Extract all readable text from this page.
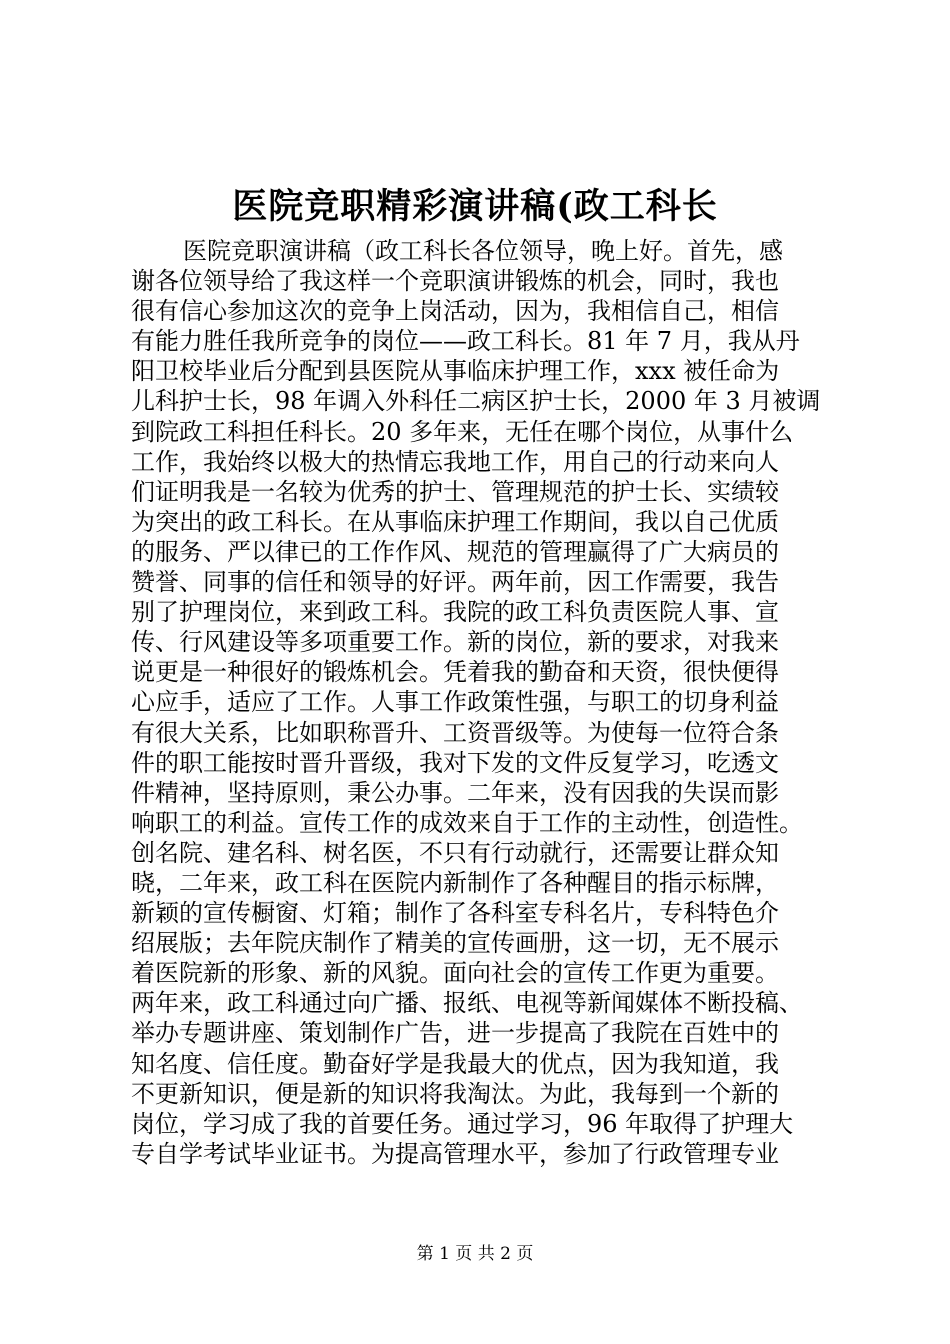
医院竞职精彩演讲稿(政工科长
医院竞职演讲稿（政工科长各位领导，晚上好。首先，感
谢各位领导给了我这样一个竞职演讲锻炼的机会，同时，我也
很有信心参加这次的竞争上岗活动，因为，我相信自己，相信
有能力胜任我所竞争的岗位——政工科长。81 年 7 月，我从丹
阳卫校毕业后分配到县医院从事临床护理工作，xxx 被任命为
儿科护士长，98 年调入外科任二病区护士长，2000 年 3 月被调
到院政工科担任科长。20 多年来，无任在哪个岗位，从事什么
工作，我始终以极大的热情忘我地工作，用自己的行动来向人
们证明我是一名较为优秀的护士、管理规范的护士长、实绩较
为突出的政工科长。在从事临床护理工作期间，我以自己优质
的服务、严以律已的工作作风、规范的管理赢得了广大病员的
赞誉、同事的信任和领导的好评。两年前，因工作需要，我告
别了护理岗位，来到政工科。我院的政工科负责医院人事、宣
传、行风建设等多项重要工作。新的岗位，新的要求，对我来
说更是一种很好的锻炼机会。凭着我的勤奋和天资，很快便得
心应手，适应了工作。人事工作政策性强，与职工的切身利益
有很大关系，比如职称晋升、工资晋级等。为使每一位符合条
件的职工能按时晋升晋级，我对下发的文件反复学习，吃透文
件精神，坚持原则，秉公办事。二年来，没有因我的失误而影
响职工的利益。宣传工作的成效来自于工作的主动性，创造性。
创名院、建名科、树名医，不只有行动就行，还需要让群众知
晓，二年来，政工科在医院内新制作了各种醒目的指示标牌，
新颖的宣传橱窗、灯箱；制作了各科室专科名片，专科特色介
绍展版；去年院庆制作了精美的宣传画册，这一切，无不展示
着医院新的形象、新的风貌。面向社会的宣传工作更为重要。
两年来，政工科通过向广播、报纸、电视等新闻媒体不断投稿、
举办专题讲座、策划制作广告，进一步提高了我院在百姓中的
知名度、信任度。勤奋好学是我最大的优点，因为我知道，我
不更新知识，便是新的知识将我淘汰。为此，我每到一个新的
岗位，学习成了我的首要任务。通过学习，96 年取得了护理大
专自学考试毕业证书。为提高管理水平，参加了行政管理专业
第 1 页 共 2 页
